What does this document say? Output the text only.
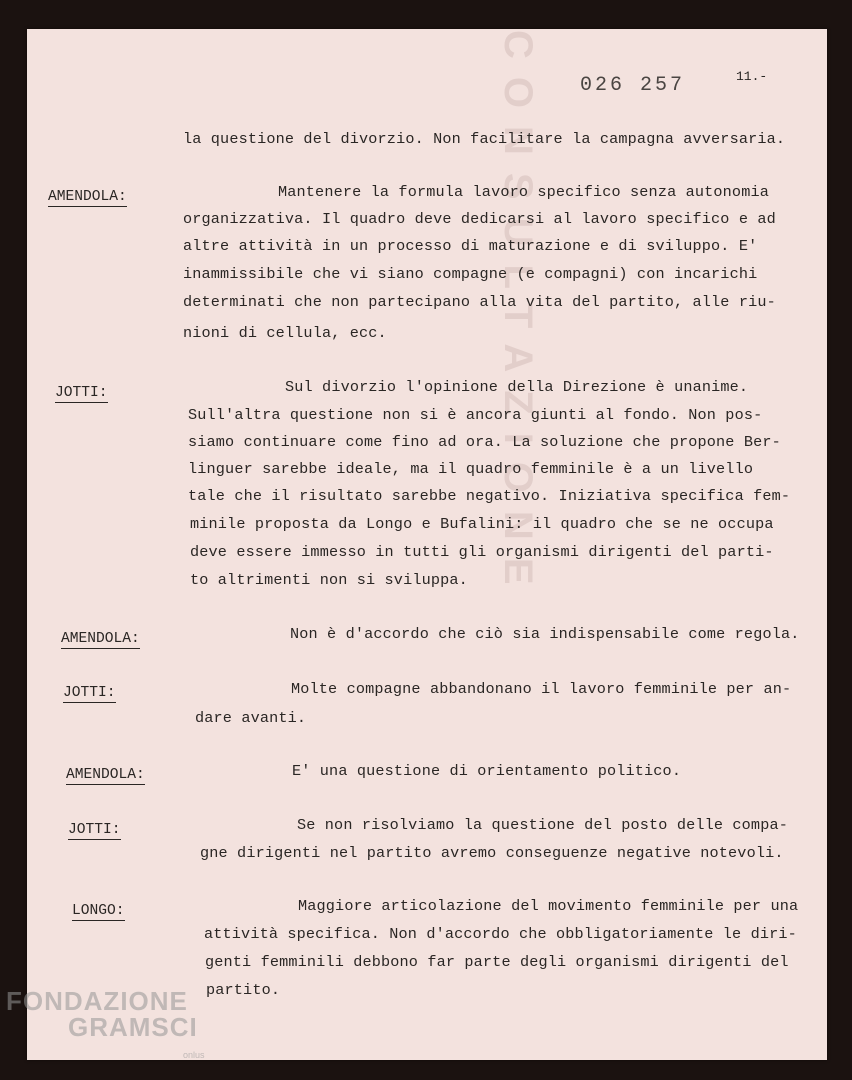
CONSULTAZIONE 026 257	11.-
la questione del divorzio. Non facilitare la campagna avversaria.
AMENDOLA:	Mantenere la formula lavoro specifico senza autonomia
organizzativa. Il quadro deve dedicarsi al lavoro specifico e ad
altre attività in un processo di maturazione e di sviluppo. E'
inammissibile che vi siano compagne (e compagni) con incarichi
determinati che non partecipano alla vita del partito, alle riu-
nioni di cellula, ecc.
JOTTI:	Sul divorzio l'opinione della Direzione è unanime.
Sull'altra questione non si è ancora giunti al fondo. Non pos-
siamo continuare come fino ad ora. La soluzione che propone Ber-
linguer sarebbe ideale, ma il quadro femminile è a un livello
tale che il risultato sarebbe negativo. Iniziativa specifica fem-
minile proposta da Longo e Bufalini: il quadro che se ne occupa
deve essere immesso in tutti gli organismi dirigenti del parti-
to altrimenti non si sviluppa.
AMENDOLA:	Non è d'accordo che ciò sia indispensabile come regola.
JOTTI:	Molte compagne abbandonano il lavoro femminile per an-
dare avanti.
AMENDOLA:	E' una questione di orientamento politico.
JOTTI:	Se non risolviamo la questione del posto delle compa-
gne dirigenti nel partito avremo conseguenze negative notevoli.
LONGO:	Maggiore articolazione del movimento femminile per una
attività specifica. Non d'accordo che obbligatoriamente le diri-
genti femminili debbono far parte degli organismi dirigenti del
partito.
FONDAZIONE
GRAMSCI
onlus
